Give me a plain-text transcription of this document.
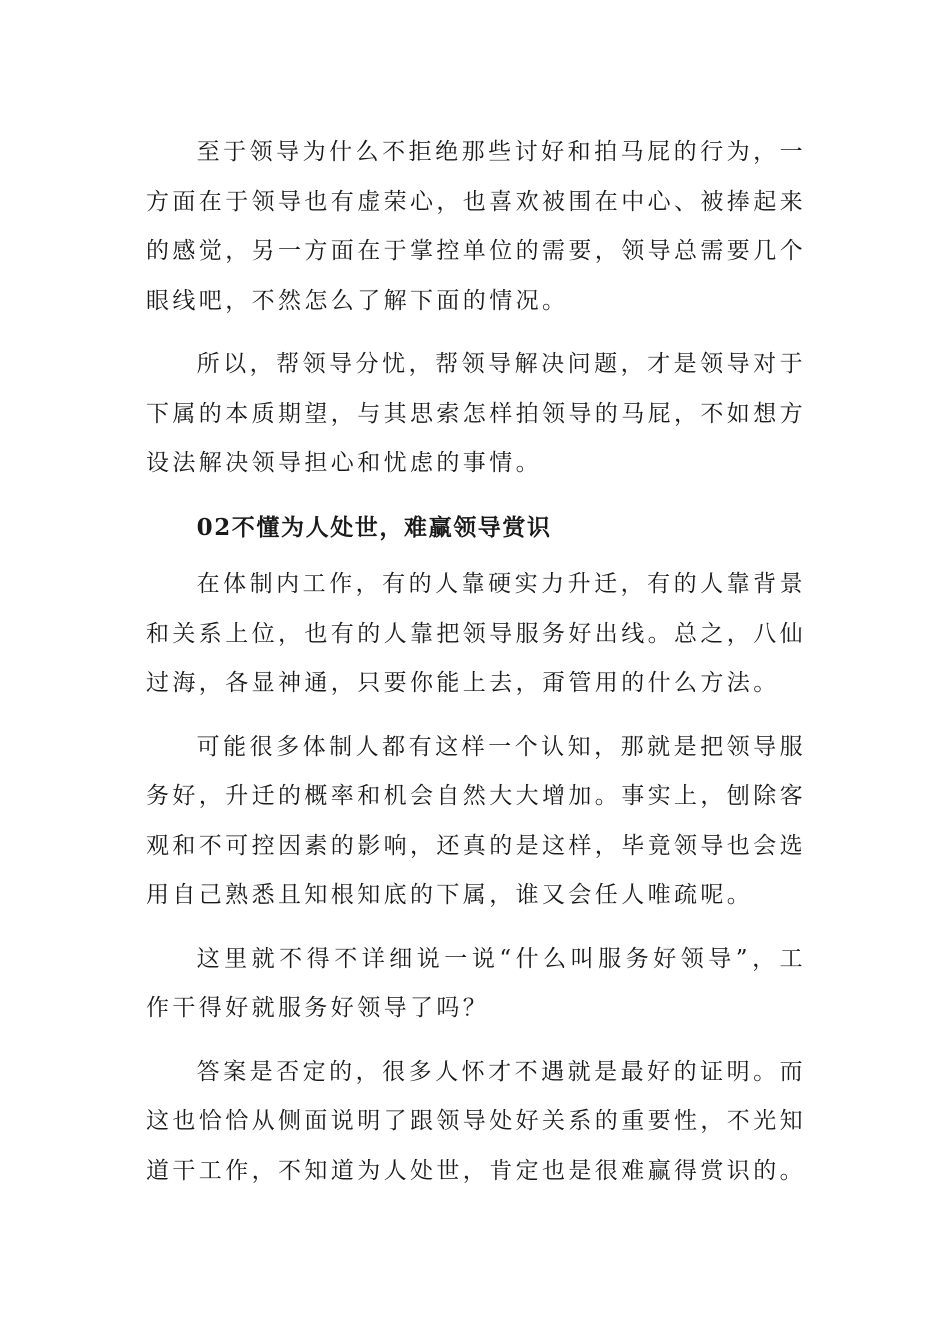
至于领导为什么不拒绝那些讨好和拍马屁的行为，一方面在于领导也有虚荣心，也喜欢被围在中心、被捧起来的感觉，另一方面在于掌控单位的需要，领导总需要几个眼线吧，不然怎么了解下面的情况。

所以，帮领导分忧，帮领导解决问题，才是领导对于下属的本质期望，与其思索怎样拍领导的马屁，不如想方设法解决领导担心和忧虑的事情。

02不懂为人处世，难赢领导赏识

在体制内工作，有的人靠硬实力升迁，有的人靠背景和关系上位，也有的人靠把领导服务好出线。总之，八仙过海，各显神通，只要你能上去，甭管用的什么方法。

可能很多体制人都有这样一个认知，那就是把领导服务好，升迁的概率和机会自然大大增加。事实上，刨除客观和不可控因素的影响，还真的是这样，毕竟领导也会选用自己熟悉且知根知底的下属，谁又会任人唯疏呢。

这里就不得不详细说一说“什么叫服务好领导”，工作干得好就服务好领导了吗？

答案是否定的，很多人怀才不遇就是最好的证明。而这也恰恰从侧面说明了跟领导处好关系的重要性，不光知道干工作，不知道为人处世，肯定也是很难赢得赏识的。
